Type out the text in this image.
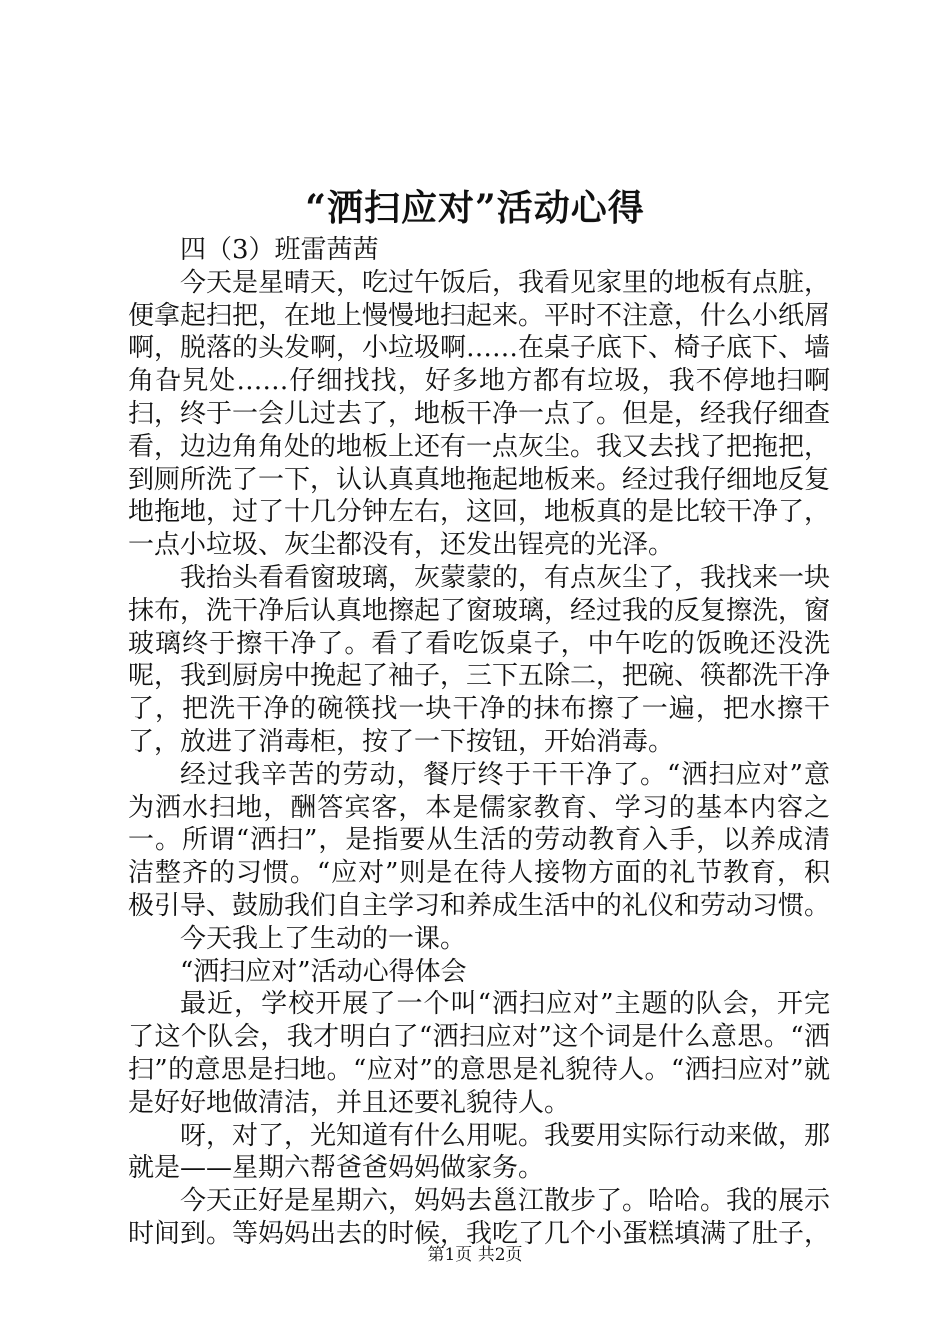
“洒扫应对”活动心得

四（3）班雷茜茜

今天是星晴天，吃过午饭后，我看见家里的地板有点脏，便拿起扫把，在地上慢慢地扫起来。平时不注意，什么小纸屑啊，脱落的头发啊，小垃圾啊……在桌子底下、椅子底下、墙角旮旯处……仔细找找，好多地方都有垃圾，我不停地扫啊扫，终于一会儿过去了，地板干净一点了。但是，经我仔细查看，边边角角处的地板上还有一点灰尘。我又去找了把拖把，到厕所洗了一下，认认真真地拖起地板来。经过我仔细地反复地拖地，过了十几分钟左右，这回，地板真的是比较干净了，一点小垃圾、灰尘都没有，还发出锃亮的光泽。

我抬头看看窗玻璃，灰蒙蒙的，有点灰尘了，我找来一块抹布，洗干净后认真地擦起了窗玻璃，经过我的反复擦洗，窗玻璃终于擦干净了。看了看吃饭桌子，中午吃的饭晚还没洗呢，我到厨房中挽起了袖子，三下五除二，把碗、筷都洗干净了，把洗干净的碗筷找一块干净的抹布擦了一遍，把水擦干了，放进了消毒柜，按了一下按钮，开始消毒。

经过我辛苦的劳动，餐厅终于干干净了。“洒扫应对”意为洒水扫地，酬答宾客，本是儒家教育、学习的基本内容之一。所谓“洒扫”，是指要从生活的劳动教育入手，以养成清洁整齐的习惯。“应对”则是在待人接物方面的礼节教育，积极引导、鼓励我们自主学习和养成生活中的礼仪和劳动习惯。

今天我上了生动的一课。

“洒扫应对”活动心得体会

最近，学校开展了一个叫“洒扫应对”主题的队会，开完了这个队会，我才明白了“洒扫应对”这个词是什么意思。“洒扫”的意思是扫地。“应对”的意思是礼貌待人。“洒扫应对”就是好好地做清洁，并且还要礼貌待人。

呀，对了，光知道有什么用呢。我要用实际行动来做，那就是——星期六帮爸爸妈妈做家务。

今天正好是星期六，妈妈去邕江散步了。哈哈。我的展示时间到。等妈妈出去的时候，我吃了几个小蛋糕填满了肚子，

第1页 共2页
